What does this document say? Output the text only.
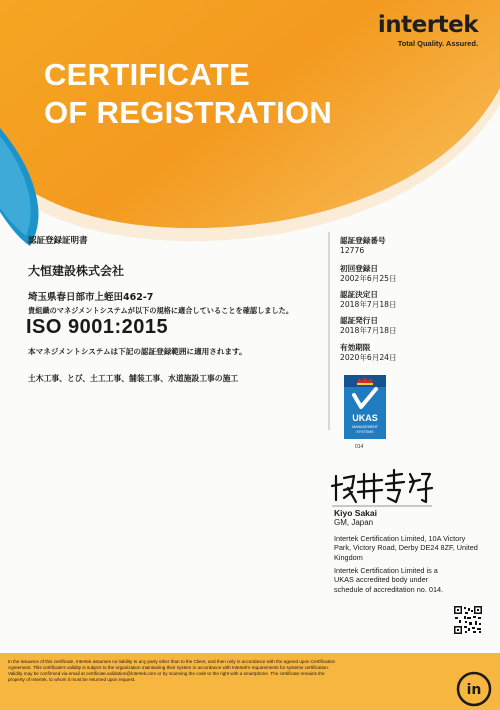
intertek
Total Quality. Assured.
CERTIFICATE
OF REGISTRATION
認証登録証明書
大恒建設株式会社
埼玉県春日部市上蛭田462-7
貴組織のマネジメントシステムが以下の規格に適合していることを確認しました。
ISO 9001:2015
本マネジメントシステムは下記の認証登録範囲に適用されます。
土木工事、とび、土工工事、舗装工事、水道施設工事の施工
認証登録番号
12776
初回登録日
2002年6月25日
認証決定日
2018年7月18日
認証発行日
2018年7月18日
有効期限
2020年6月24日
UKAS
MANAGEMENT
SYSTEMS
014
Kiyo Sakai
GM, Japan
Intertek Certification Limited, 10A Victory
Park, Victory Road, Derby DE24 8ZF, United
Kingdom
Intertek Certification Limited is a
UKAS accredited body under
schedule of accreditation no. 014.
In the issuance of this certificate, Intertek assumes no liability to any party other than to the Client, and then only in accordance with the agreed upon Certification
Agreement. This certificate's validity is subject to the organization maintaining their system in accordance with Intertek's requirements for systems certification.
Validity may be confirmed via email at certificate.validation@intertek.com or by scanning the code to the right with a smartphone. The certificate remains the
property of Intertek, to whom it must be returned upon request.
in
